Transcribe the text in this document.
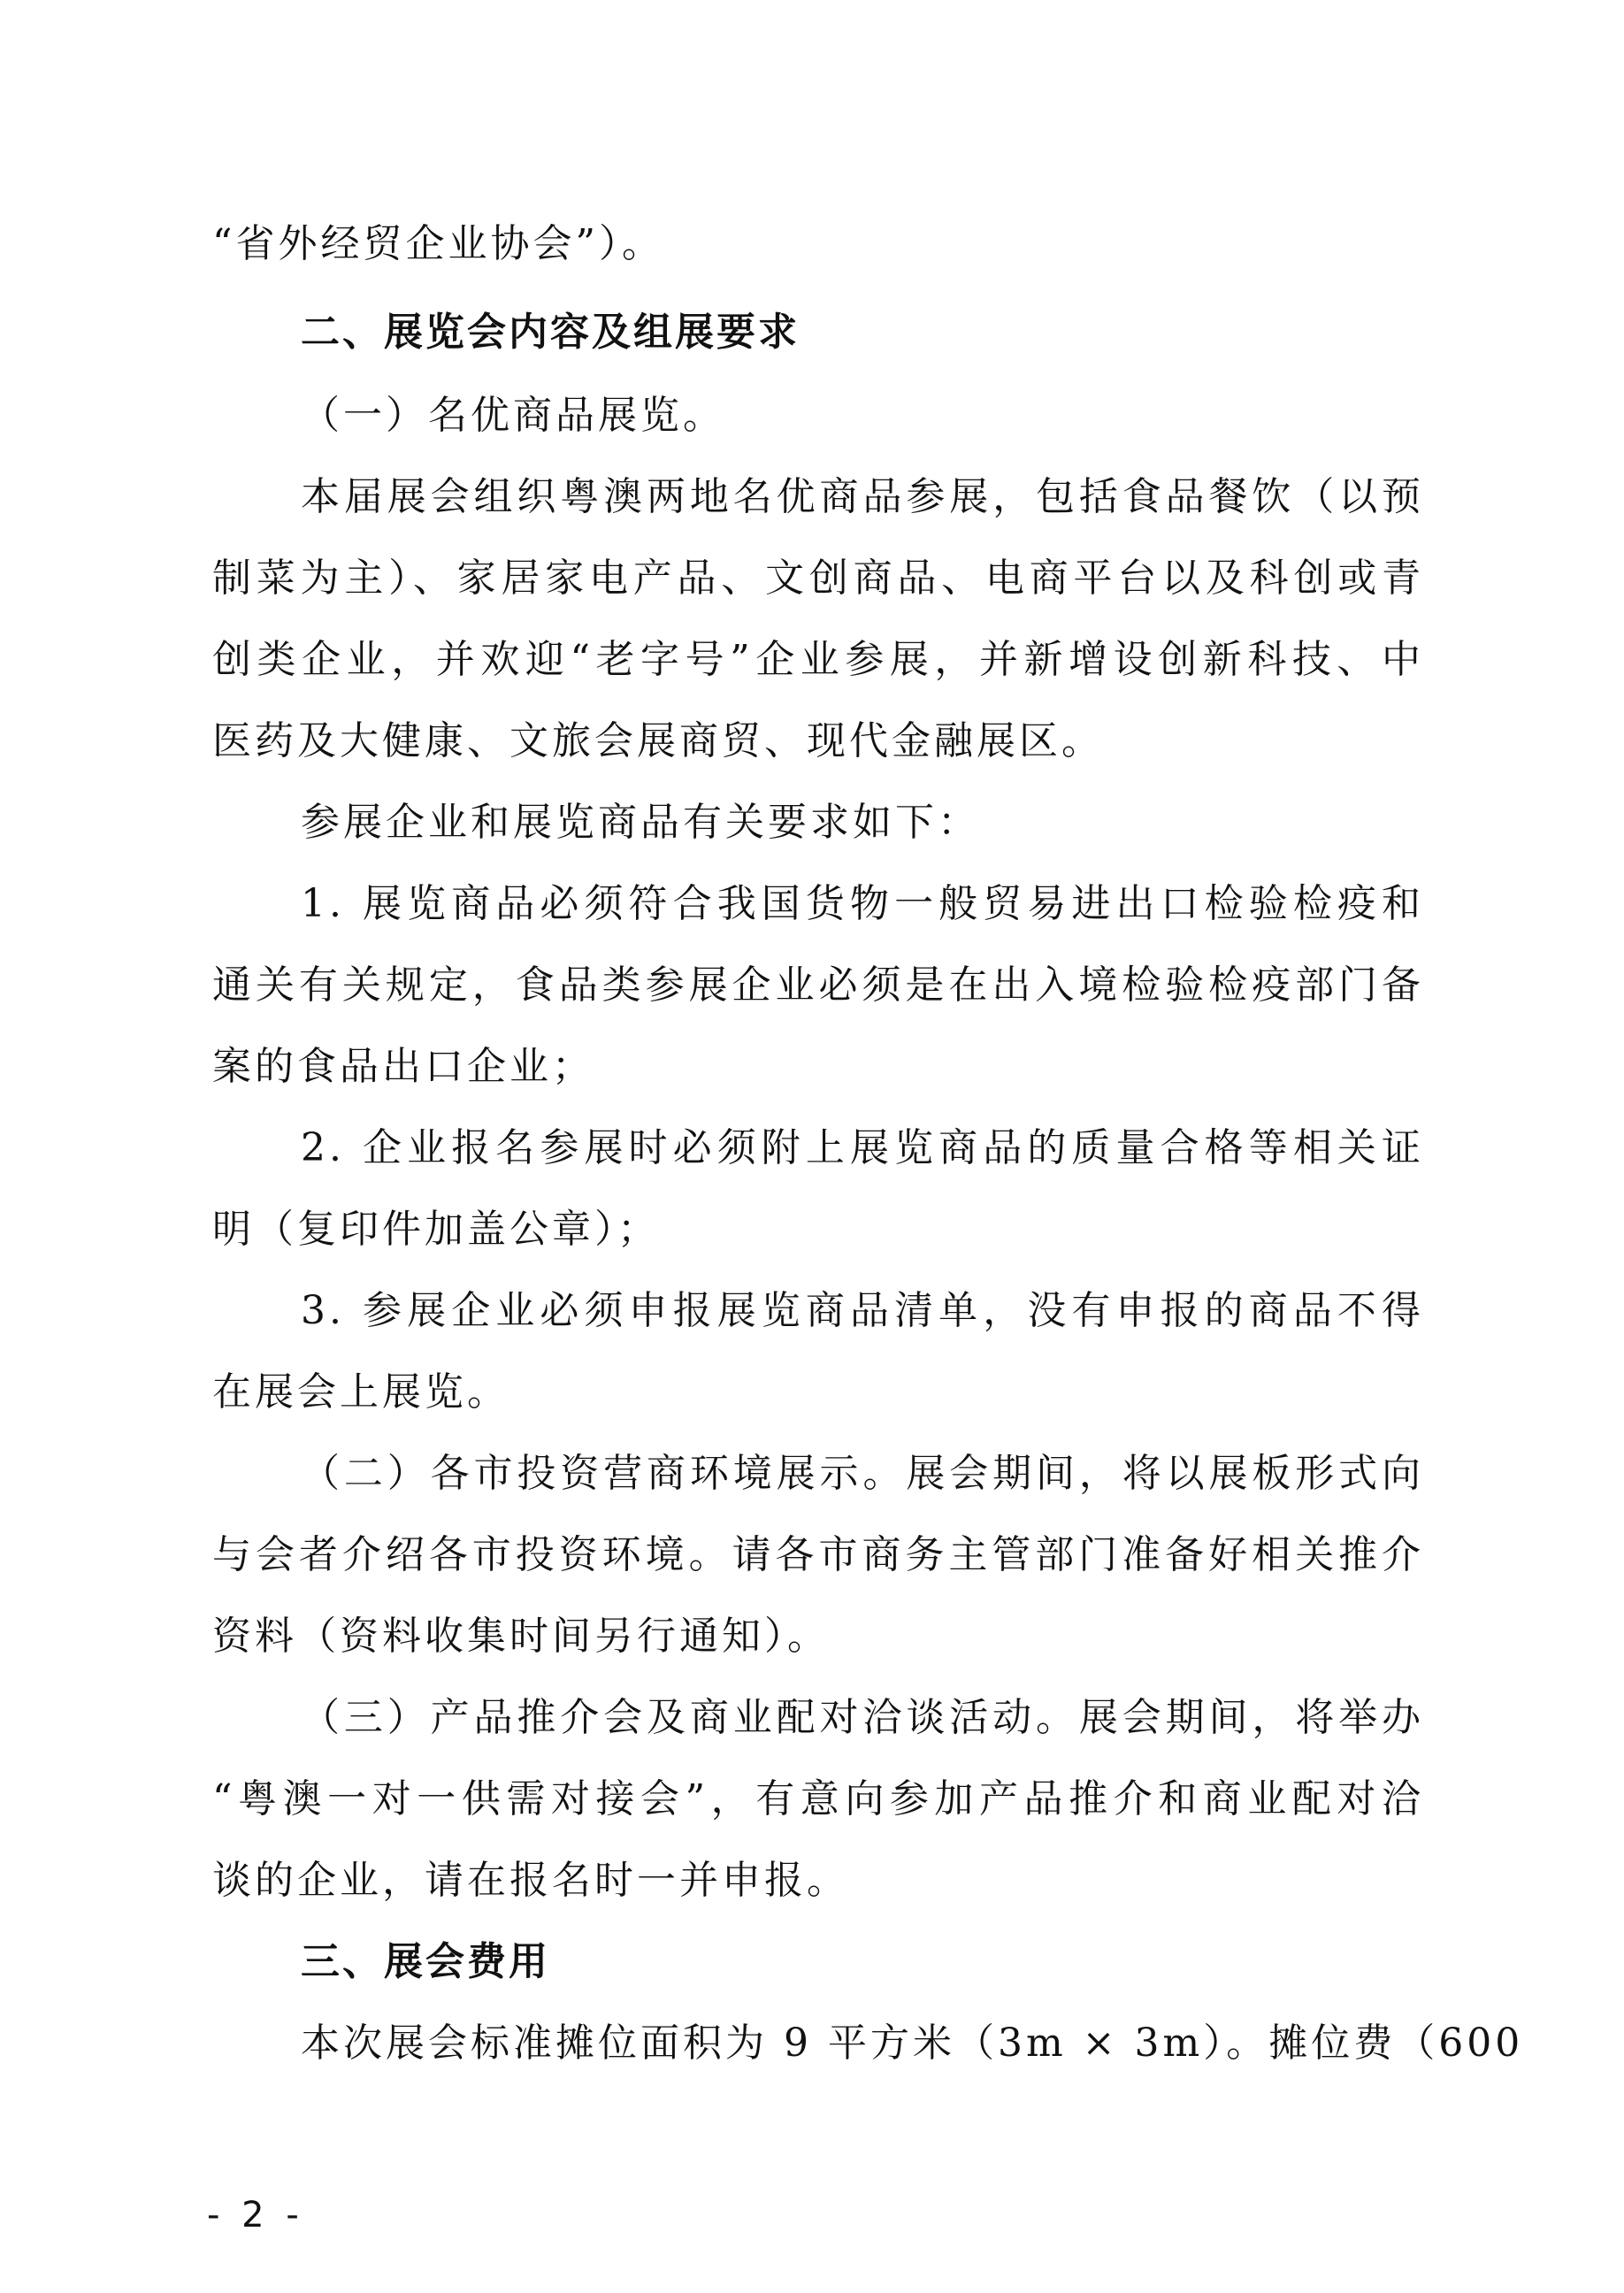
“省外经贸企业协会”）。
二、展览会内容及组展要求
（一）名优商品展览。
本届展会组织粤澳两地名优商品参展，包括食品餐饮（以预
制菜为主）、家居家电产品、文创商品、电商平台以及科创或青
创类企业，并欢迎“老字号”企业参展，并新增设创新科技、中
医药及大健康、文旅会展商贸、现代金融展区。
参展企业和展览商品有关要求如下：
1. 展览商品必须符合我国货物一般贸易进出口检验检疫和
通关有关规定，食品类参展企业必须是在出入境检验检疫部门备
案的食品出口企业；
2. 企业报名参展时必须附上展览商品的质量合格等相关证
明（复印件加盖公章）；
3. 参展企业必须申报展览商品清单，没有申报的商品不得
在展会上展览。
（二）各市投资营商环境展示。展会期间，将以展板形式向
与会者介绍各市投资环境。请各市商务主管部门准备好相关推介
资料（资料收集时间另行通知）。
（三）产品推介会及商业配对洽谈活动。展会期间，将举办
“粤澳一对一供需对接会”，有意向参加产品推介和商业配对洽
谈的企业，请在报名时一并申报。
三、展会费用
本次展会标准摊位面积为 9 平方米（3m × 3m）。摊位费（600
- 2 -
